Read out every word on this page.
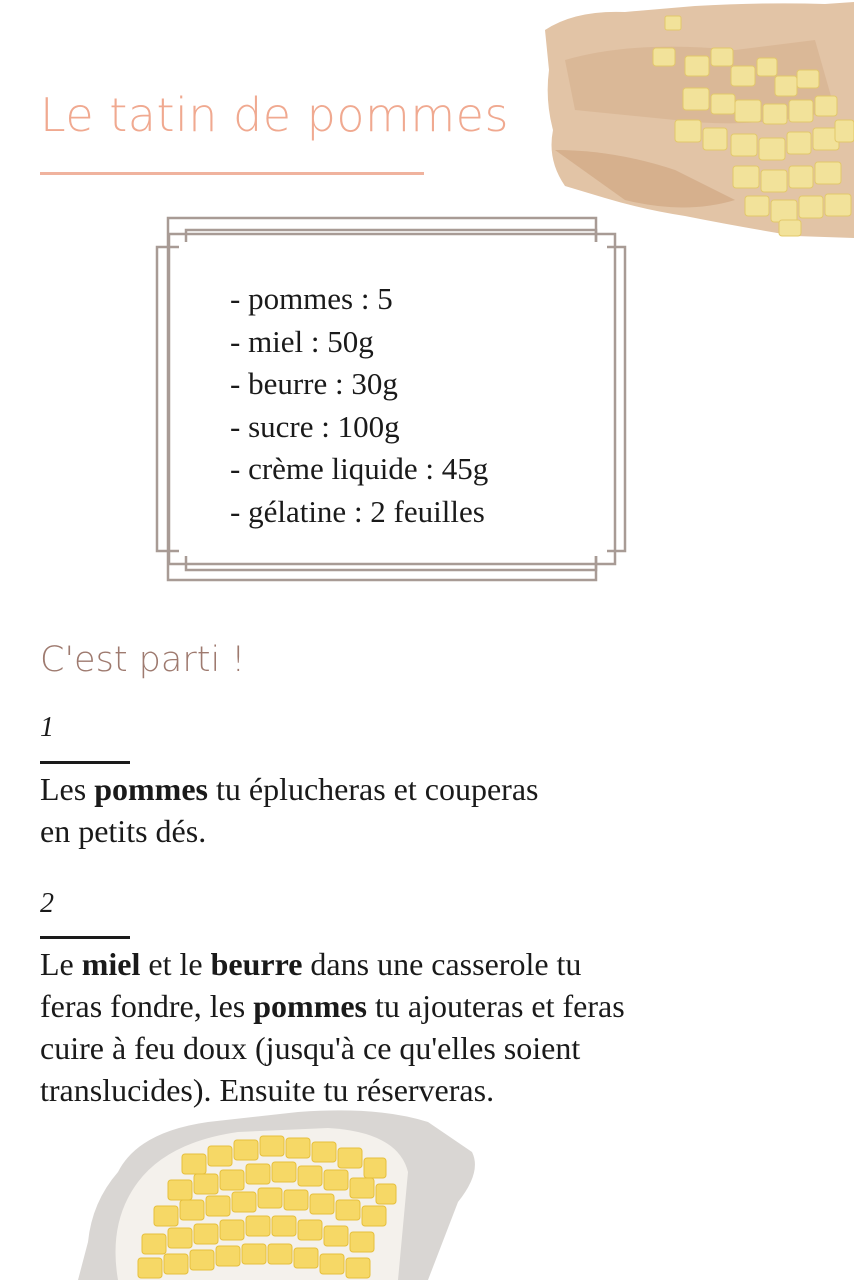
Le tatin de pommes
- pommes : 5
- miel : 50g
- beurre : 30g
- sucre : 100g
- crème liquide : 45g
- gélatine : 2 feuilles
C'est parti !
1

Les pommes tu éplucheras et couperas
en petits dés.

2

Le miel et le beurre dans une casserole tu
feras fondre, les pommes tu ajouteras et feras
cuire à feu doux (jusqu'à ce qu'elles soient
translucides). Ensuite tu réserveras.
